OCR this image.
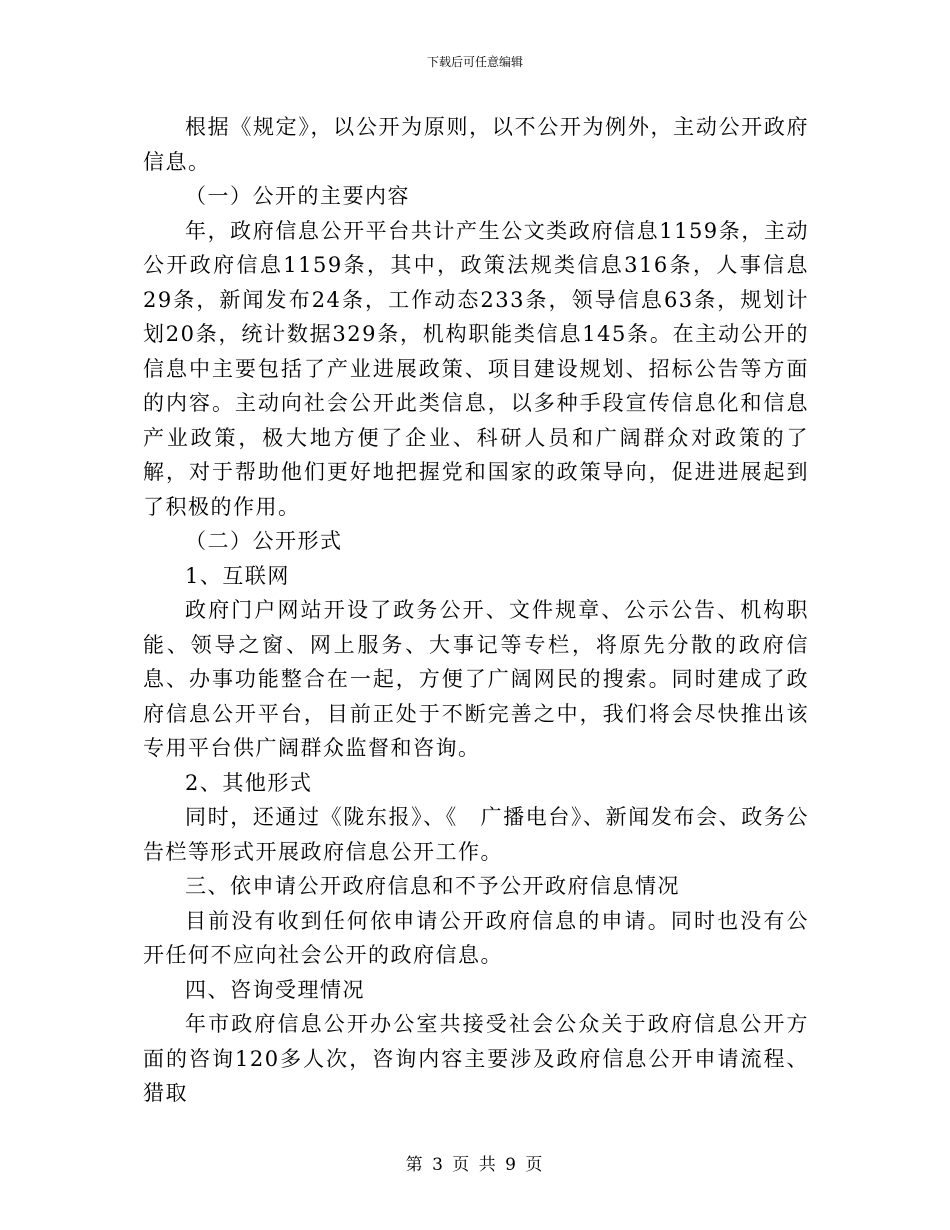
下载后可任意编辑

根据《规定》，以公开为原则，以不公开为例外，主动公开政府信息。

（一）公开的主要内容

年，政府信息公开平台共计产生公文类政府信息1159条，主动公开政府信息1159条，其中，政策法规类信息316条，人事信息29条，新闻发布24条，工作动态233条，领导信息63条，规划计划20条，统计数据329条，机构职能类信息145条。在主动公开的信息中主要包括了产业进展政策、项目建设规划、招标公告等方面的内容。主动向社会公开此类信息，以多种手段宣传信息化和信息产业政策，极大地方便了企业、科研人员和广阔群众对政策的了解，对于帮助他们更好地把握党和国家的政策导向，促进进展起到了积极的作用。

（二）公开形式

1、互联网

政府门户网站开设了政务公开、文件规章、公示公告、机构职能、领导之窗、网上服务、大事记等专栏，将原先分散的政府信息、办事功能整合在一起，方便了广阔网民的搜索。同时建成了政府信息公开平台，目前正处于不断完善之中，我们将会尽快推出该专用平台供广阔群众监督和咨询。

2、其他形式

同时，还通过《陇东报》、《　广播电台》、新闻发布会、政务公告栏等形式开展政府信息公开工作。

三、依申请公开政府信息和不予公开政府信息情况

目前没有收到任何依申请公开政府信息的申请。同时也没有公开任何不应向社会公开的政府信息。

四、咨询受理情况

年市政府信息公开办公室共接受社会公众关于政府信息公开方面的咨询120多人次，咨询内容主要涉及政府信息公开申请流程、猎取

第 3 页 共 9 页
